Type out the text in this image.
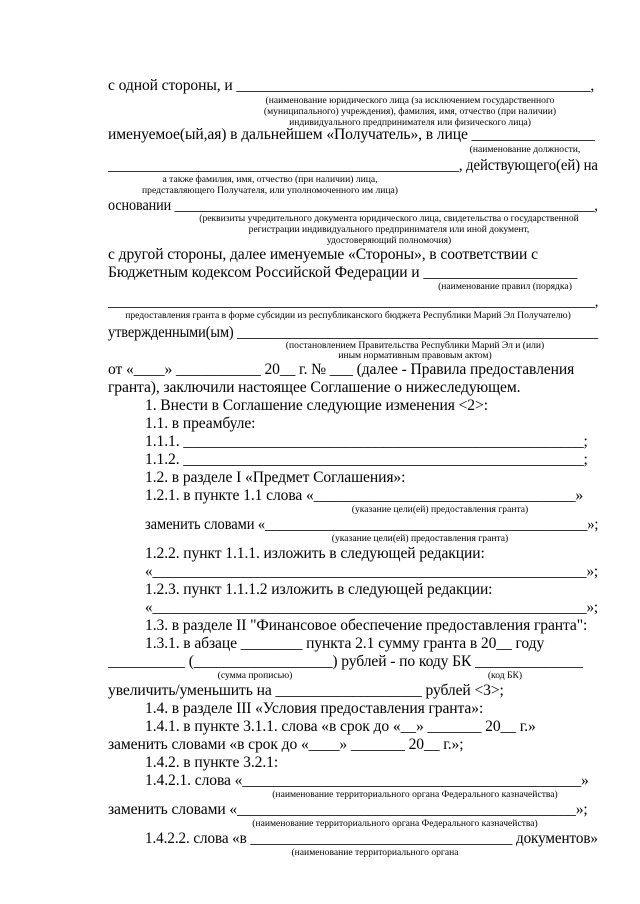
с одной стороны, и ______________________________________________,
именуемое(ый,ая) в дальнейшем «Получатель», в лице ________________
________________________________________________, действующего(ей) на
основании ____________________________________________________________,
с другой стороны, далее именуемые «Стороны», в соответствии с
Бюджетным кодексом Российской Федерации и ____________________
_______________________________________________________________________,
утвержденными(ым) ___________________________________________________
от «____» ___________ 20__ г. № ___ (далее - Правила предоставления
гранта), заключили настоящее Соглашение о нижеследующем.
1. Внести в Соглашение следующие изменения <2>:
1.1. в преамбуле:
1.1.1. ____________________________________________________;
1.1.2. ____________________________________________________;
1.2. в разделе I «Предмет Соглашения»:
1.2.1. в пункте 1.1 слова «__________________________________»
заменить словами «_____________________________________________»;
1.2.2. пункт 1.1.1. изложить в следующей редакции:
«__________________________________________________________»;
1.2.3. пункт 1.1.1.2 изложить в следующей редакции:
«__________________________________________________________»;
1.3. в разделе II "Финансовое обеспечение предоставления гранта":
1.3.1. в абзаце ________ пункта 2.1 сумму гранта в 20__ году
__________ (__________________) рублей - по коду БК ______________
увеличить/уменьшить на ___________________ рублей <3>;
1.4. в разделе III «Условия предоставления гранта»:
1.4.1. в пункте 3.1.1. слова «в срок до «__» _______ 20__ г.»
заменить словами «в срок до «____» _______ 20__ г.»;
1.4.2. в пункте 3.2.1:
1.4.2.1. слова «____________________________________________»
заменить словами «____________________________________________»;
1.4.2.2. слова «в ___________________________________ документов»
(наименование юридического лица (за исключением государственного
(муниципального) учреждения), фамилия, имя, отчество (при наличии)
индивидуального предпринимателя или физического лица)
(наименование должности,
а также фамилия, имя, отчество (при наличии) лица,
представляющего Получателя, или уполномоченного им лица)
(реквизиты учредительного документа юридического лица, свидетельства о государственной
регистрации индивидуального предпринимателя или иной документ,
удостоверяющий полномочия)
(наименование правил (порядка)
предоставления гранта в форме субсидии из республиканского бюджета Республики Марий Эл Получателю)
(постановлением Правительства Республики Марий Эл и (или)
иным нормативным правовым актом)
(указание цели(ей) предоставления гранта)
(указание цели(ей) предоставления гранта)
(сумма прописью)	(код БК)
(наименование территориального органа Федерального казначейства)
(наименование территориального органа Федерального казначейства)
(наименование территориального органа
